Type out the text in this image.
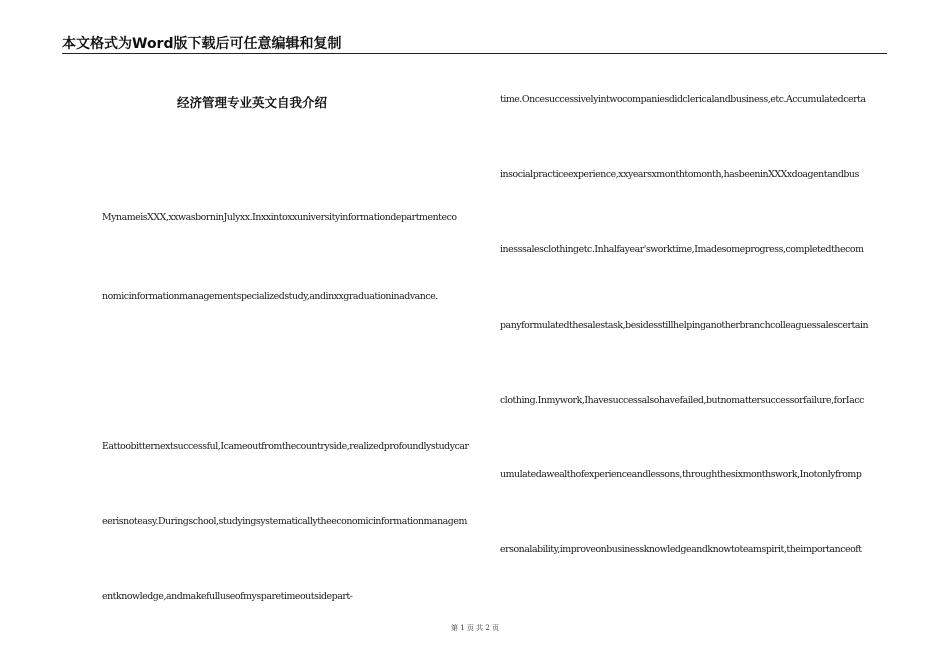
本文格式为Word版下载后可任意编辑和复制
经济管理专业英文自我介绍
MynameisXXX,xxwasborninJulyxx.Inxxintoxxuniversityinformationdepartmenteco
nomicinformationmanagementspecializedstudy,andinxxgraduationinadvance.
Eattoobitternextsuccessful,Icameoutfromthecountryside,realizedprofoundlystudycar
eerisnoteasy.Duringschool,studyingsystematicallytheeconomicinformationmanagem
entknowledge,andmakefulluseofmysparetimeoutsidepart-
time.Oncesuccessivelyintwocompaniesdidclericalandbusiness,etc.Accumulatedcerta
insocialpracticeexperience,xxyearsxmonthtomonth,hasbeeninXXXxdoagentandbus
inesssalesclothingetc.Inhalfayear'sworktime,Imadesomeprogress,completedthecom
panyformulatedthesalestask,besidesstillhelpinganotherbranchcolleaguessalescertain
clothing.Inmywork,Ihavesuccessalsohavefailed,butnomattersuccessorfailure,forIacc
umulatedawealthofexperienceandlessons,throughthesixmonthswork,Inotonlyfromp
ersonalability,improveonbusinessknowledgeandknowtoteamspirit,theimportanceoft
第 1 页 共 2 页
